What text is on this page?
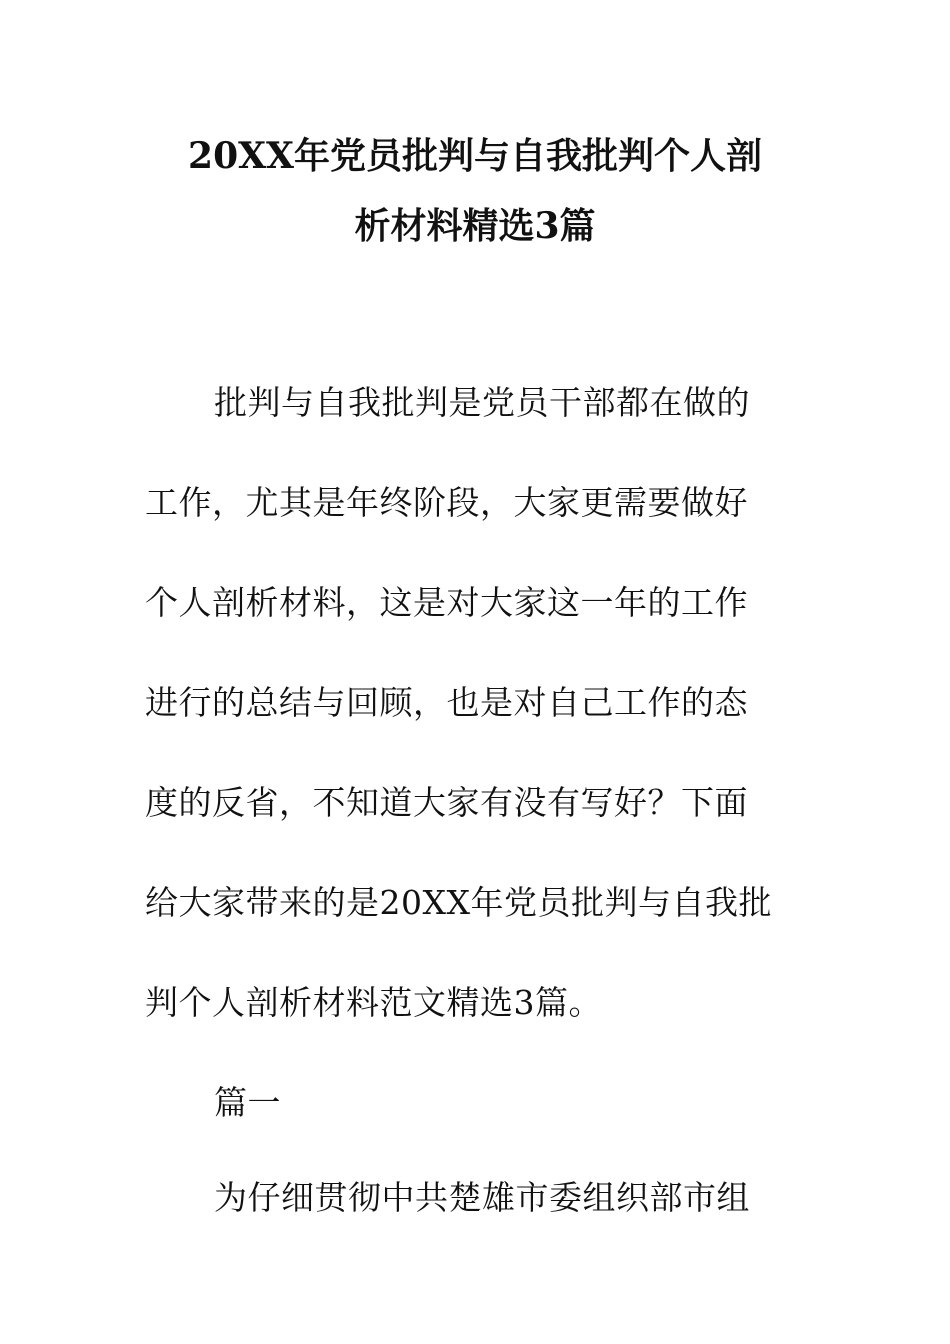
20XX年党员批判与自我批判个人剖
析材料精选3篇
批判与自我批判是党员干部都在做的
工作，尤其是年终阶段，大家更需要做好
个人剖析材料，这是对大家这一年的工作
进行的总结与回顾，也是对自己工作的态
度的反省，不知道大家有没有写好？下面
给大家带来的是20XX年党员批判与自我批
判个人剖析材料范文精选3篇。
篇一
为仔细贯彻中共楚雄市委组织部市组
